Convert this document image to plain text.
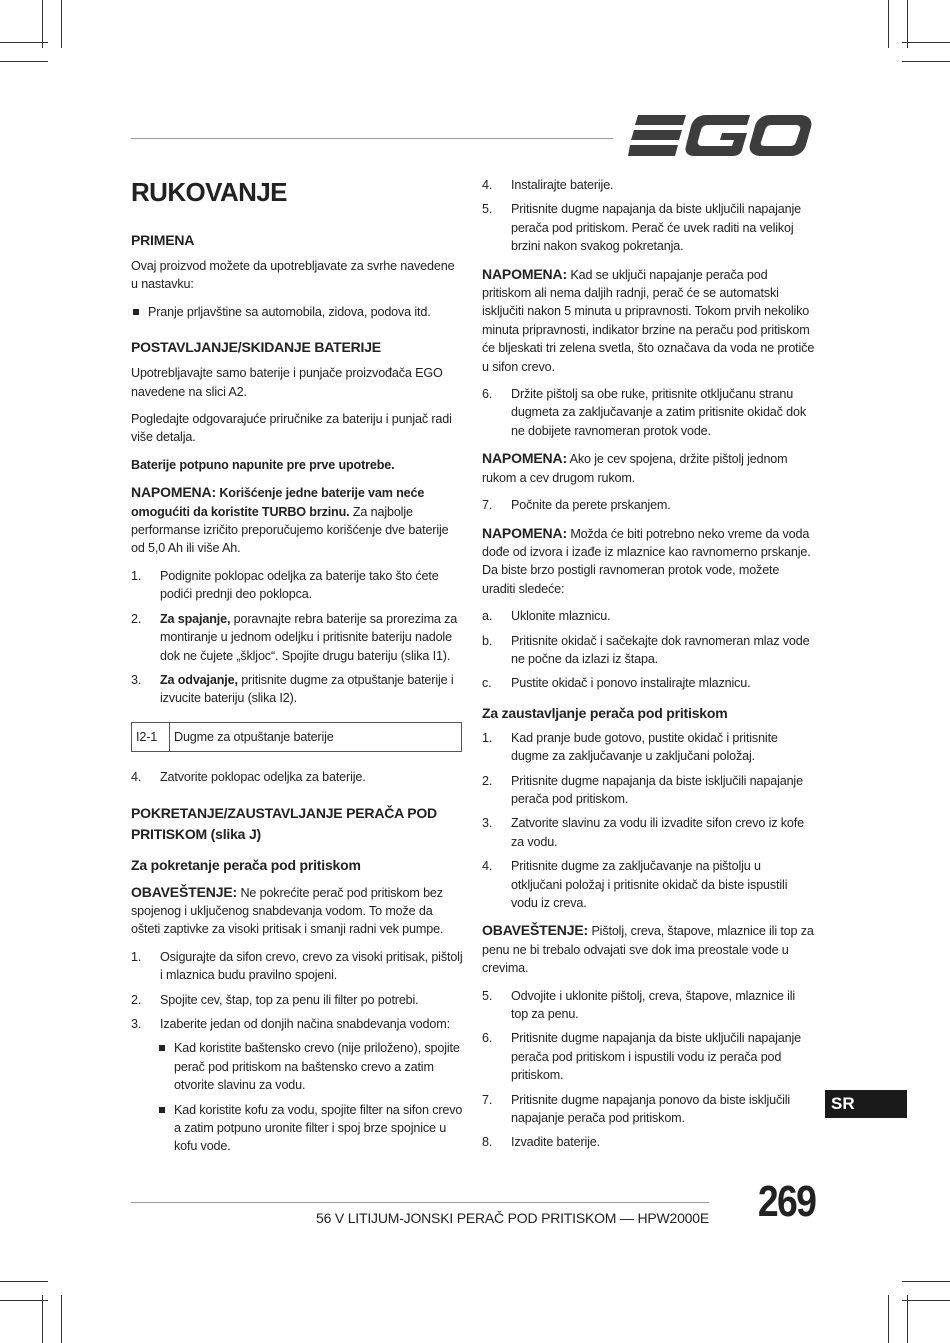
RUKOVANJE
PRIMENA

Ovaj proizvod možete da upotrebljavate za svrhe navedene u nastavku:

Pranje prljavštine sa automobila, zidova, podova itd.
POSTAVLJANJE/SKIDANJE BATERIJE

Upotrebljavajte samo baterije i punjače proizvođača EGO navedene na slici A2.

Pogledajte odgovarajuće priručnike za bateriju i punjač radi više detalja.

Baterije potpuno napunite pre prve upotrebe.

NAPOMENA: Korišćenje jedne baterije vam neće omogućiti da koristite TURBO brzinu. Za najbolje performanse izričito preporučujemo korišćenje dve baterije od 5,0 Ah ili više Ah.

1. Podignite poklopac odeljka za baterije tako što ćete podići prednji deo poklopca.
2. Za spajanje, poravnajte rebra baterije sa prorezima za montiranje u jednom odeljku i pritisnite bateriju nadole dok ne čujete „škljoc“. Spojite drugu bateriju (slika I1).
3. Za odvajanje, pritisnite dugme za otpuštanje baterije i izvucite bateriju (slika I2).
I2-1	Dugme za otpuštanje baterije
4. Zatvorite poklopac odeljka za baterije.
POKRETANJE/ZAUSTAVLJANJE PERAČA POD PRITISKOM (slika J)
Za pokretanje perača pod pritiskom

OBAVEŠTENJE: Ne pokrećite perač pod pritiskom bez spojenog i uključenog snabdevanja vodom. To može da ošteti zaptivke za visoki pritisak i smanji radni vek pumpe.

1. Osigurajte da sifon crevo, crevo za visoki pritisak, pištolj i mlaznica budu pravilno spojeni.
2. Spojite cev, štap, top za penu ili filter po potrebi.
3. Izaberite jedan od donjih načina snabdevanja vodom:
Kad koristite baštensko crevo (nije priloženo), spojite perač pod pritiskom na baštensko crevo a zatim otvorite slavinu za vodu.
Kad koristite kofu za vodu, spojite filter na sifon crevo a zatim potpuno uronite filter i spoj brze spojnice u kofu vode.
4. Instalirajte baterije.
5. Pritisnite dugme napajanja da biste uključili napajanje perača pod pritiskom. Perač će uvek raditi na velikoj brzini nakon svakog pokretanja.

NAPOMENA: Kad se uključi napajanje perača pod pritiskom ali nema daljih radnji, perač će se automatski isključiti nakon 5 minuta u pripravnosti. Tokom prvih nekoliko minuta pripravnosti, indikator brzine na peraču pod pritiskom će bljeskati tri zelena svetla, što označava da voda ne protiče u sifon crevo.

6. Držite pištolj sa obe ruke, pritisnite otključanu stranu dugmeta za zaključavanje a zatim pritisnite okidač dok ne dobijete ravnomeran protok vode.

NAPOMENA: Ako je cev spojena, držite pištolj jednom rukom a cev drugom rukom.

7. Počnite da perete prskanjem.

NAPOMENA: Možda će biti potrebno neko vreme da voda dođe od izvora i izađe iz mlaznice kao ravnomerno prskanje. Da biste brzo postigli ravnomeran protok vode, možete uraditi sledeće:

a. Uklonite mlaznicu.
b. Pritisnite okidač i sačekajte dok ravnomeran mlaz vode ne počne da izlazi iz štapa.
c. Pustite okidač i ponovo instalirajte mlaznicu.
Za zaustavljanje perača pod pritiskom
1. Kad pranje bude gotovo, pustite okidač i pritisnite dugme za zaključavanje u zaključani položaj.
2. Pritisnite dugme napajanja da biste isključili napajanje perača pod pritiskom.
3. Zatvorite slavinu za vodu ili izvadite sifon crevo iz kofe za vodu.
4. Pritisnite dugme za zaključavanje na pištolju u otključani položaj i pritisnite okidač da biste ispustili vodu iz creva.

OBAVEŠTENJE: Pištolj, creva, štapove, mlaznice ili top za penu ne bi trebalo odvajati sve dok ima preostale vode u crevima.

5. Odvojite i uklonite pištolj, creva, štapove, mlaznice ili top za penu.
6. Pritisnite dugme napajanja da biste uključili napajanje perača pod pritiskom i ispustili vodu iz perača pod pritiskom.
7. Pritisnite dugme napajanja ponovo da biste isključili napajanje perača pod pritiskom.
8. Izvadite baterije.
SR
56 V LITIJUM-JONSKI PERAČ POD PRITISKOM — HPW2000E 269
